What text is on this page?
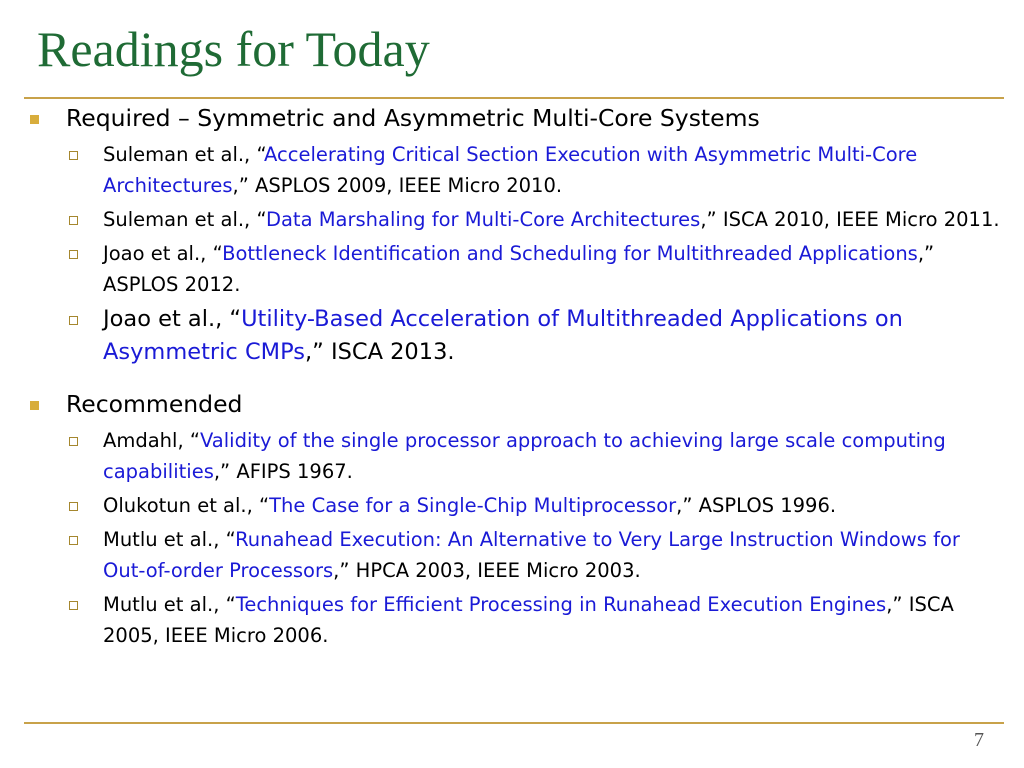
Readings for Today
Required – Symmetric and Asymmetric Multi-Core Systems
Suleman et al., “Accelerating Critical Section Execution with Asymmetric Multi-Core Architectures,” ASPLOS 2009, IEEE Micro 2010.
Suleman et al., “Data Marshaling for Multi-Core Architectures,” ISCA 2010, IEEE Micro 2011.
Joao et al., “Bottleneck Identification and Scheduling for Multithreaded Applications,” ASPLOS 2012.
Joao et al., “Utility-Based Acceleration of Multithreaded Applications on Asymmetric CMPs,” ISCA 2013.
Recommended
Amdahl, “Validity of the single processor approach to achieving large scale computing capabilities,” AFIPS 1967.
Olukotun et al., “The Case for a Single-Chip Multiprocessor,” ASPLOS 1996.
Mutlu et al., “Runahead Execution: An Alternative to Very Large Instruction Windows for Out-of-order Processors,” HPCA 2003, IEEE Micro 2003.
Mutlu et al., “Techniques for Efficient Processing in Runahead Execution Engines,” ISCA 2005, IEEE Micro 2006.
7
